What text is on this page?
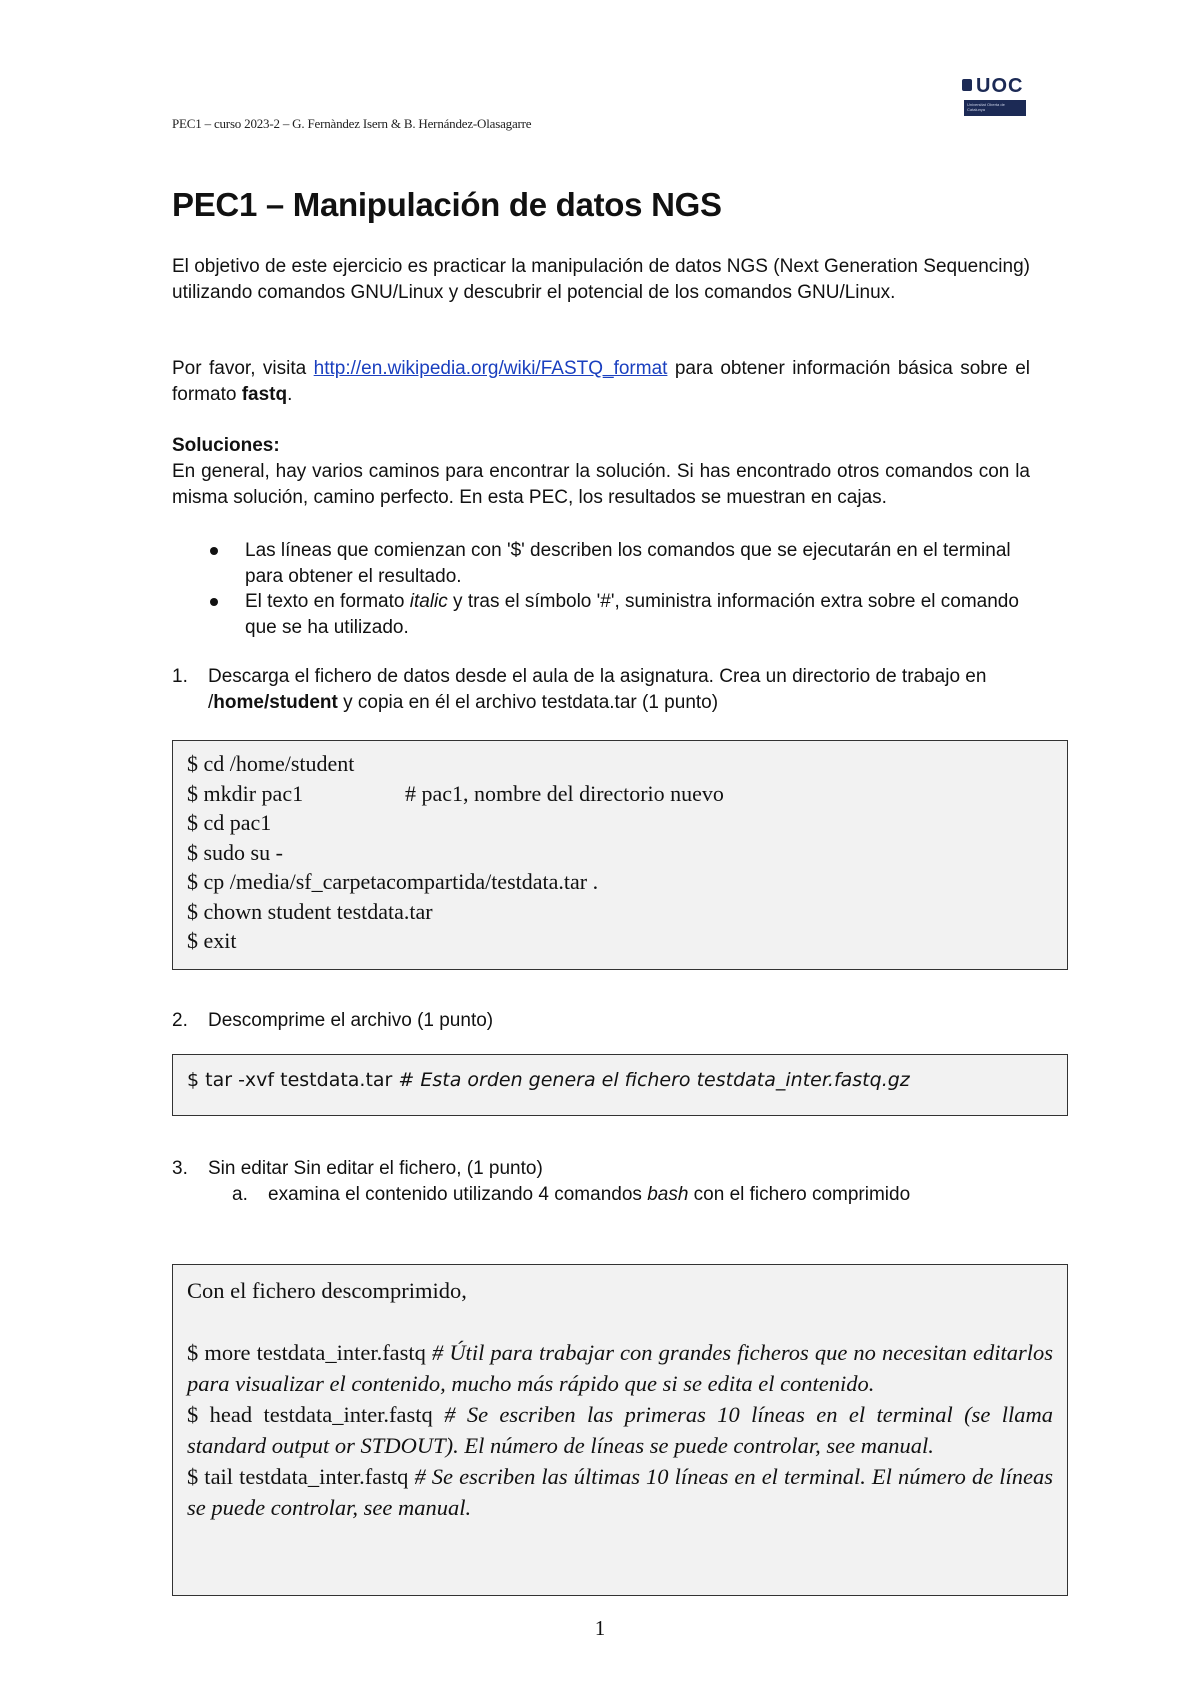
PEC1 – curso 2023-2 – G. Fernàndez Isern & B. Hernández-Olasagarre
UOC
Universitat Oberta de Catalunya
PEC1 – Manipulación de datos NGS

El objetivo de este ejercicio es practicar la manipulación de datos NGS (Next Generation Sequencing) utilizando comandos GNU/Linux y descubrir el potencial de los comandos GNU/Linux.

Por favor, visita http://en.wikipedia.org/wiki/FASTQ_format para obtener información básica sobre el formato fastq.

Soluciones:

En general, hay varios caminos para encontrar la solución. Si has encontrado otros comandos con la misma solución, camino perfecto. En esta PEC, los resultados se muestran en cajas.

Las líneas que comienzan con '$' describen los comandos que se ejecutarán en el terminal para obtener el resultado.
El texto en formato italic y tras el símbolo '#', suministra información extra sobre el comando que se ha utilizado.
1.	Descarga el fichero de datos desde el aula de la asignatura. Crea un directorio de trabajo en /home/student y copia en él el archivo testdata.tar (1 punto)
$ cd /home/student
$ mkdir pac1	# pac1, nombre del directorio nuevo
$ cd pac1
$ sudo su -
$ cp /media/sf_carpetacompartida/testdata.tar .
$ chown student testdata.tar
$ exit
2.	Descomprime el archivo (1 punto)
$ tar -xvf testdata.tar # Esta orden genera el fichero testdata_inter.fastq.gz
3.	Sin editar Sin editar el fichero, (1 punto)
a.	examina el contenido utilizando 4 comandos bash con el fichero comprimido
Con el fichero descomprimido,
$ more testdata_inter.fastq # Útil para trabajar con grandes ficheros que no necesitan editarlos para visualizar el contenido, mucho más rápido que si se edita el contenido.
$ head testdata_inter.fastq # Se escriben las primeras 10 líneas en el terminal (se llama standard output or STDOUT). El número de líneas se puede controlar, see manual.
$ tail testdata_inter.fastq # Se escriben las últimas 10 líneas en el terminal. El número de líneas se puede controlar, see manual.
1
